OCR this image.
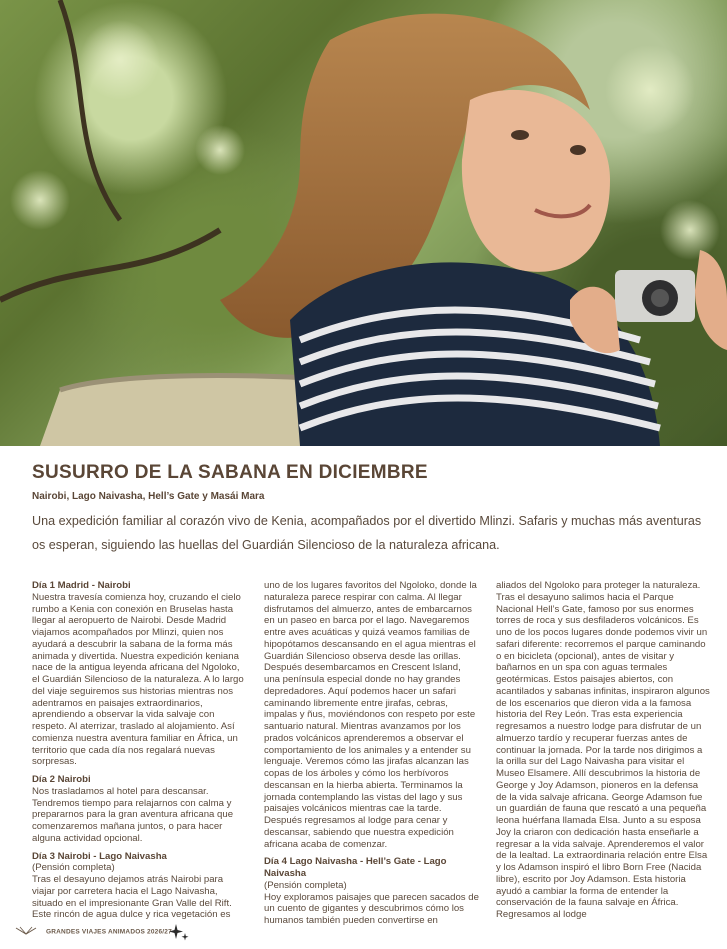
SUSURRO DE LA SABANA EN DICIEMBRE
Nairobi, Lago Naivasha, Hell’s Gate y Masái Mara
Una expedición familiar al corazón vivo de Kenia, acompañados por el divertido Mlinzi. Safaris y muchas más aventuras os esperan, siguiendo las huellas del Guardián Silencioso de la naturaleza africana.

Día 1 Madrid - Nairobi
Nuestra travesía comienza hoy, cruzando el cielo rumbo a Kenia con conexión en Bruselas hasta llegar al aeropuerto de Nairobi. Desde Madrid viajamos acompañados por Mlinzi, quien nos ayudará a descubrir la sabana de la forma más animada y divertida. Nuestra expedición keniana nace de la antigua leyenda africana del Ngoloko, el Guardián Silencioso de la naturaleza. A lo largo del viaje seguiremos sus historias mientras nos adentramos en paisajes extraordinarios, aprendiendo a observar la vida salvaje con respeto. Al aterrizar, traslado al alojamiento. Así comienza nuestra aventura familiar en África, un territorio que cada día nos regalará nuevas sorpresas.

Día 2 Nairobi
Nos trasladamos al hotel para descansar. Tendremos tiempo para relajarnos con calma y prepararnos para la gran aventura africana que comenzaremos mañana juntos, o para hacer alguna actividad opcional.

Día 3 Nairobi - Lago Naivasha
(Pensión completa)
Tras el desayuno dejamos atrás Nairobi para viajar por carretera hacia el Lago Naivasha, situado en el impresionante Gran Valle del Rift. Este rincón de agua dulce y rica vegetación es

uno de los lugares favoritos del Ngoloko, donde la naturaleza parece respirar con calma. Al llegar disfrutamos del almuerzo, antes de embarcarnos en un paseo en barca por el lago. Navegaremos entre aves acuáticas y quizá veamos familias de hipopótamos descansando en el agua mientras el Guardián Silencioso observa desde las orillas. Después desembarcamos en Crescent Island, una península especial donde no hay grandes depredadores. Aquí podemos hacer un safari caminando libremente entre jirafas, cebras, impalas y ñus, moviéndonos con respeto por este santuario natural. Mientras avanzamos por los prados volcánicos aprenderemos a observar el comportamiento de los animales y a entender su lenguaje. Veremos cómo las jirafas alcanzan las copas de los árboles y cómo los herbívoros descansan en la hierba abierta. Terminamos la jornada contemplando las vistas del lago y sus paisajes volcánicos mientras cae la tarde. Después regresamos al lodge para cenar y descansar, sabiendo que nuestra expedición africana acaba de comenzar.

Día 4 Lago Naivasha - Hell’s Gate - Lago Naivasha
(Pensión completa)
Hoy exploramos paisajes que parecen sacados de un cuento de gigantes y descubrimos cómo los humanos también pueden convertirse en

aliados del Ngoloko para proteger la naturaleza. Tras el desayuno salimos hacia el Parque Nacional Hell’s Gate, famoso por sus enormes torres de roca y sus desfiladeros volcánicos. Es uno de los pocos lugares donde podemos vivir un safari diferente: recorremos el parque caminando o en bicicleta (opcional), antes de visitar y bañarnos en un spa con aguas termales geotérmicas. Estos paisajes abiertos, con acantilados y sabanas infinitas, inspiraron algunos de los escenarios que dieron vida a la famosa historia del Rey León. Tras esta experiencia regresamos a nuestro lodge para disfrutar de un almuerzo tardío y recuperar fuerzas antes de continuar la jornada. Por la tarde nos dirigimos a la orilla sur del Lago Naivasha para visitar el Museo Elsamere. Allí descubrimos la historia de George y Joy Adamson, pioneros en la defensa de la vida salvaje africana. George Adamson fue un guardián de fauna que rescató a una pequeña leona huérfana llamada Elsa. Junto a su esposa Joy la criaron con dedicación hasta enseñarle a regresar a la vida salvaje. Aprenderemos el valor de la lealtad. La extraordinaria relación entre Elsa y los Adamson inspiró el libro Born Free (Nacida libre), escrito por Joy Adamson. Esta historia ayudó a cambiar la forma de entender la conservación de la fauna salvaje en África. Regresamos al lodge

GRANDES VIAJES ANIMADOS 2026/27
